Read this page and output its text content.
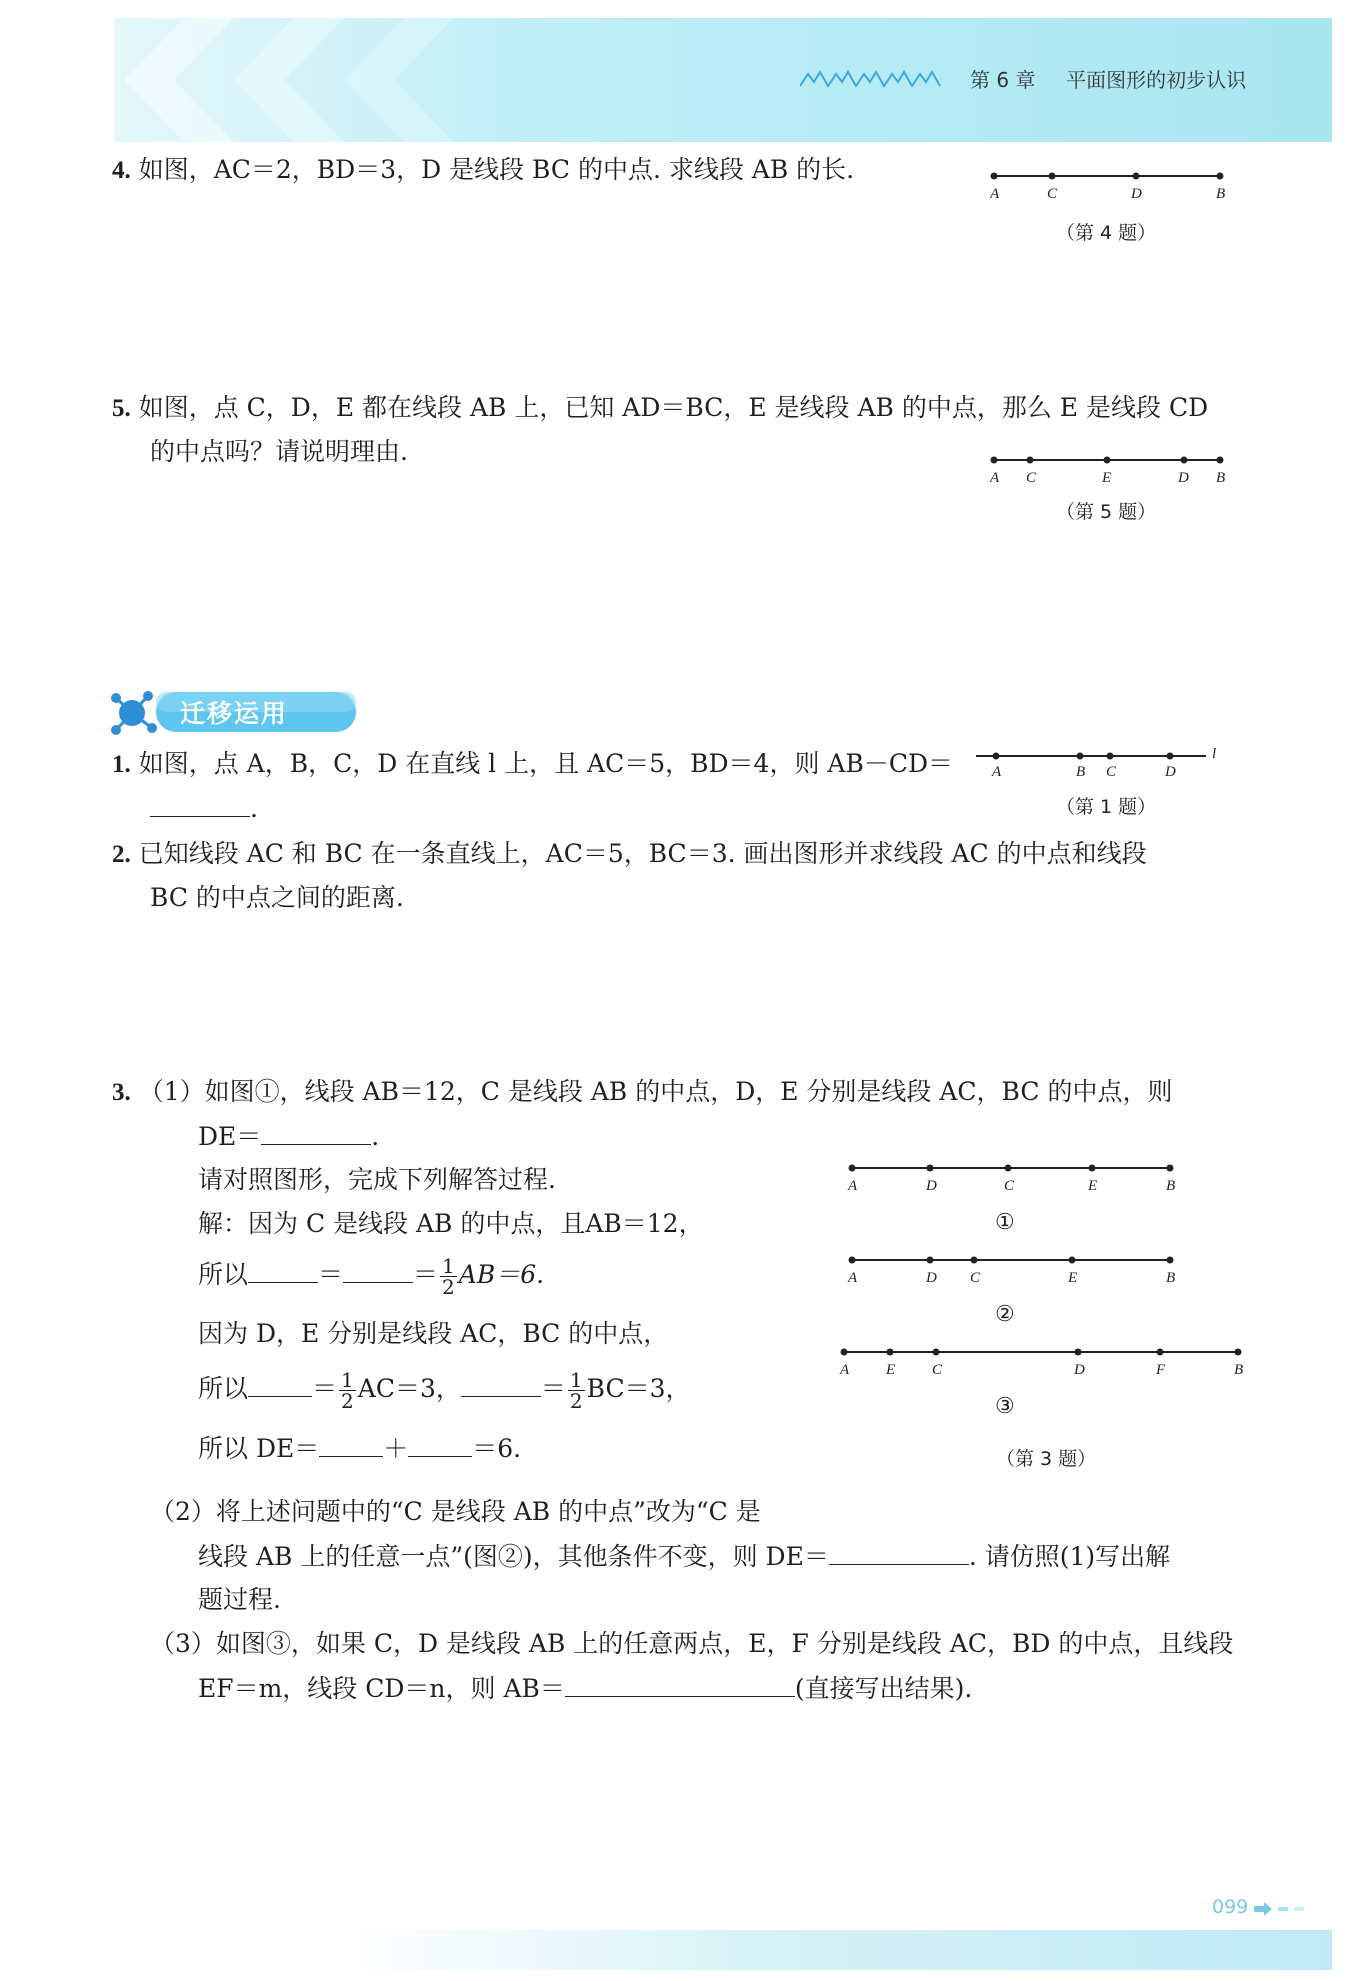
第 6 章 平面图形的初步认识
4. 如图，AC＝2，BD＝3，D 是线段 BC 的中点. 求线段 AB 的长.
A	C	D	B
（第 4 题）
5. 如图，点 C，D，E 都在线段 AB 上，已知 AD＝BC，E 是线段 AB 的中点，那么 E 是线段 CD
的中点吗？请说明理由.
A C	E	D B
（第 5 题）
迁移运用
1. 如图，点 A，B，C，D 在直线 l 上，且 AC＝5，BD＝4，则 AB－CD＝
.
A	B C	D
l
（第 1 题）
2. 已知线段 AC 和 BC 在一条直线上，AC＝5，BC＝3. 画出图形并求线段 AC 的中点和线段
BC 的中点之间的距离.
3. （1）如图①，线段 AB＝12，C 是线段 AB 的中点，D，E 分别是线段 AC，BC 的中点，则
DE＝	.
请对照图形，完成下列解答过程.
解：因为 C 是线段 AB 的中点，且AB＝12，
所以	＝	＝ $\frac{1}{2} AB=6$.
因为 D，E 分别是线段 AC，BC 的中点，
所以	＝ $\frac{1}{2} AC=3$，	＝ $\frac{1}{2} BC=3$，
所以 DE＝	＋	＝6.
（2）将上述问题中的“C 是线段 AB 的中点”改为“C 是
线段 AB 上的任意一点”(图②)，其他条件不变，则 DE＝	. 请仿照(1)写出解
题过程.
（3）如图③，如果 C，D 是线段 AB 上的任意两点，E，F 分别是线段 AC，BD 的中点，且线段
EF＝m，线段 CD＝n，则 AB＝	(直接写出结果).
A	D	C	E	B
①
A	D C	E	B
②
A E C	D	F	B
③
（第 3 题）
099
